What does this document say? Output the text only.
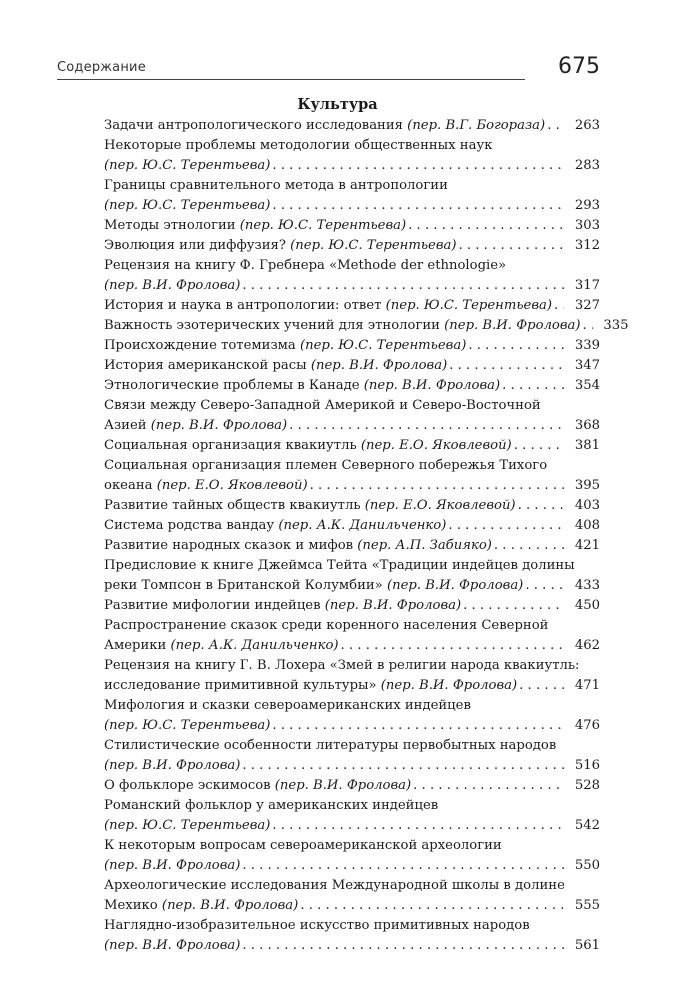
Содержание	675
Культура
Задачи антропологического исследования (пер. В.Г. Богораза) . . .	263
Некоторые проблемы методологии общественных наук
(пер. Ю.С. Терентьева) . . .	283
Границы сравнительного метода в антропологии
(пер. Ю.С. Терентьева) . . .	293
Методы этнологии (пер. Ю.С. Терентьева) . . .	303
Эволюция или диффузия? (пер. Ю.С. Терентьева) . . .	312
Рецензия на книгу Ф. Гребнера «Methode der ethnologie»
(пер. В.И. Фролова) . . .	317
История и наука в антропологии: ответ (пер. Ю.С. Терентьева) . . .	327
Важность эзотерических учений для этнологии (пер. В.И. Фролова) . . .	335
Происхождение тотемизма (пер. Ю.С. Терентьева) . . .	339
История американской расы (пер. В.И. Фролова) . . .	347
Этнологические проблемы в Канаде (пер. В.И. Фролова) . . .	354
Связи между Северо-Западной Америкой и Северо-Восточной
Азией (пер. В.И. Фролова) . . .	368
Социальная организация квакиутль (пер. Е.О. Яковлевой) . . .	381
Социальная организация племен Северного побережья Тихого
океана (пер. Е.О. Яковлевой) . . .	395
Развитие тайных обществ квакиутль (пер. Е.О. Яковлевой) . . .	403
Система родства вандау (пер. А.К. Данильченко) . . .	408
Развитие народных сказок и мифов (пер. А.П. Забияко) . . .	421
Предисловие к книге Джеймса Тейта «Традиции индейцев долины
реки Томпсон в Британской Колумбии» (пер. В.И. Фролова) . . .	433
Развитие мифологии индейцев (пер. В.И. Фролова) . . .	450
Распространение сказок среди коренного населения Северной
Америки (пер. А.К. Данильченко) . . .	462
Рецензия на книгу Г. В. Лохера «Змей в религии народа квакиутль:
исследование примитивной культуры» (пер. В.И. Фролова) . . .	471
Мифология и сказки североамериканских индейцев
(пер. Ю.С. Терентьева) . . .	476
Стилистические особенности литературы первобытных народов
(пер. В.И. Фролова) . . .	516
О фольклоре эскимосов (пер. В.И. Фролова) . . .	528
Романский фольклор у американских индейцев
(пер. Ю.С. Терентьева) . . .	542
К некоторым вопросам североамериканской археологии
(пер. В.И. Фролова) . . .	550
Археологические исследования Международной школы в долине
Мехико (пер. В.И. Фролова) . . .	555
Наглядно-изобразительное искусство примитивных народов
(пер. В.И. Фролова) . . .	561
